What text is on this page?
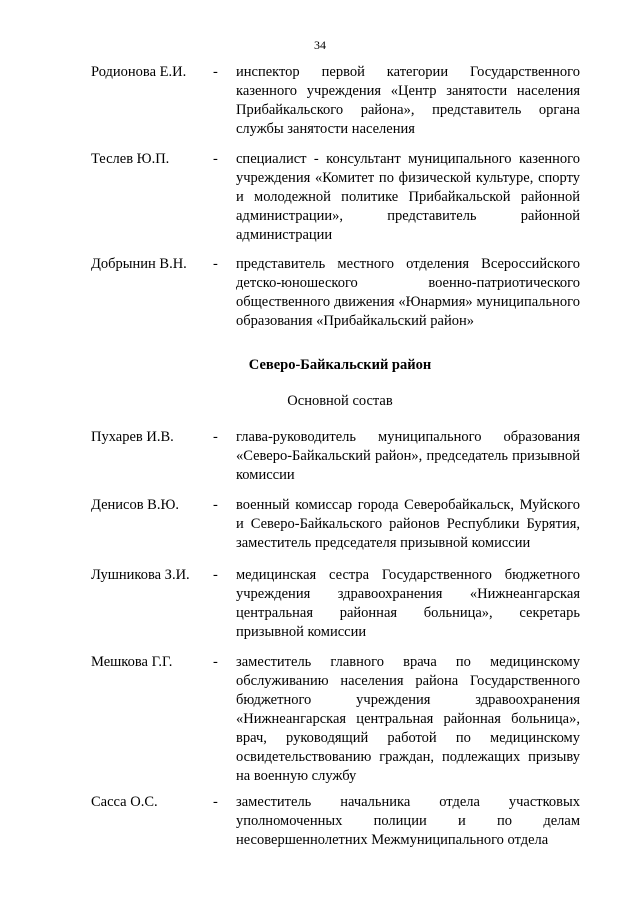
34
Родионова Е.И. - инспектор первой категории Государственного казенного учреждения «Центр занятости населения Прибайкальского района», представитель органа службы занятости населения
Теслев Ю.П.	- специалист - консультант муниципального казенного учреждения «Комитет по физической культуре, спорту и молодежной политике Прибайкальской районной администрации», представитель районной администрации
Добрынин В.Н. - представитель местного отделения Всероссийского детско-юношеского военно-патриотического общественного движения «Юнармия» муниципального образования «Прибайкальский район»
Северо-Байкальский район
Основной состав
Пухарев И.В.	- глава-руководитель муниципального образования «Северо-Байкальский район», председатель призывной комиссии
Денисов В.Ю. - военный комиссар города Северобайкальск, Муйского и Северо-Байкальского районов Республики Бурятия, заместитель председателя призывной комиссии
Лушникова З.И. - медицинская сестра Государственного бюджетного учреждения здравоохранения «Нижнеангарская центральная районная больница», секретарь призывной комиссии
Мешкова Г.Г.	- заместитель главного врача по медицинскому обслуживанию населения района Государственного бюджетного учреждения здравоохранения «Нижнеангарская центральная районная больница», врач, руководящий работой по медицинскому освидетельствованию граждан, подлежащих призыву на военную службу
Сасса О.С.	- заместитель начальника отдела участковых уполномоченных полиции и по делам несовершеннолетних Межмуниципального отдела
